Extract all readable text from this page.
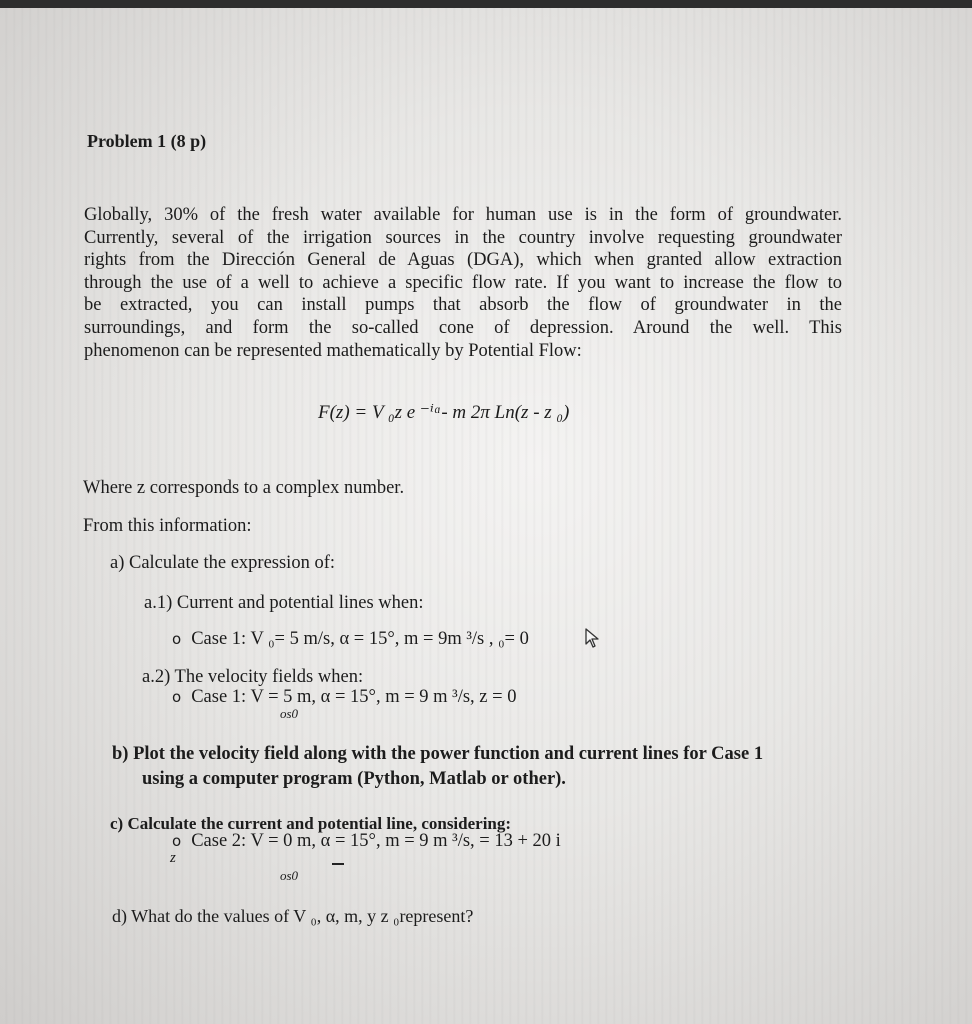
Problem 1 (8 p)
Globally, 30% of the fresh water available for human use is in the form of groundwater.
Currently, several of the irrigation sources in the country involve requesting groundwater
rights from the Dirección General de Aguas (DGA), which when granted allow extraction
through the use of a well to achieve a specific flow rate. If you want to increase the flow to
be extracted, you can install pumps that absorb the flow of groundwater in the
surroundings, and form the so-called cone of depression. Around the well. This
phenomenon can be represented mathematically by Potential Flow:
F(z) = V ₀z e ⁻ⁱᵅ- m 2π Ln(z - z ₀)
Where z corresponds to a complex number.
From this information:
a) Calculate the expression of:
a.1) Current and potential lines when:
o Case 1: V ₀= 5 m/s, α = 15°, m = 9m ³/s , ₀= 0
a.2) The velocity fields when:
o Case 1: V = 5 m, α = 15°, m = 9 m ³/s, z = 0
os0
b) Plot the velocity field along with the power function and current lines for Case 1
using a computer program (Python, Matlab or other).
c) Calculate the current and potential line, considering:
o Case 2: V = 0 m, α = 15°, m = 9 m ³/s, = 13 + 20 i
z
os0
d) What do the values of V ₀, α, m, y z ₀represent?
